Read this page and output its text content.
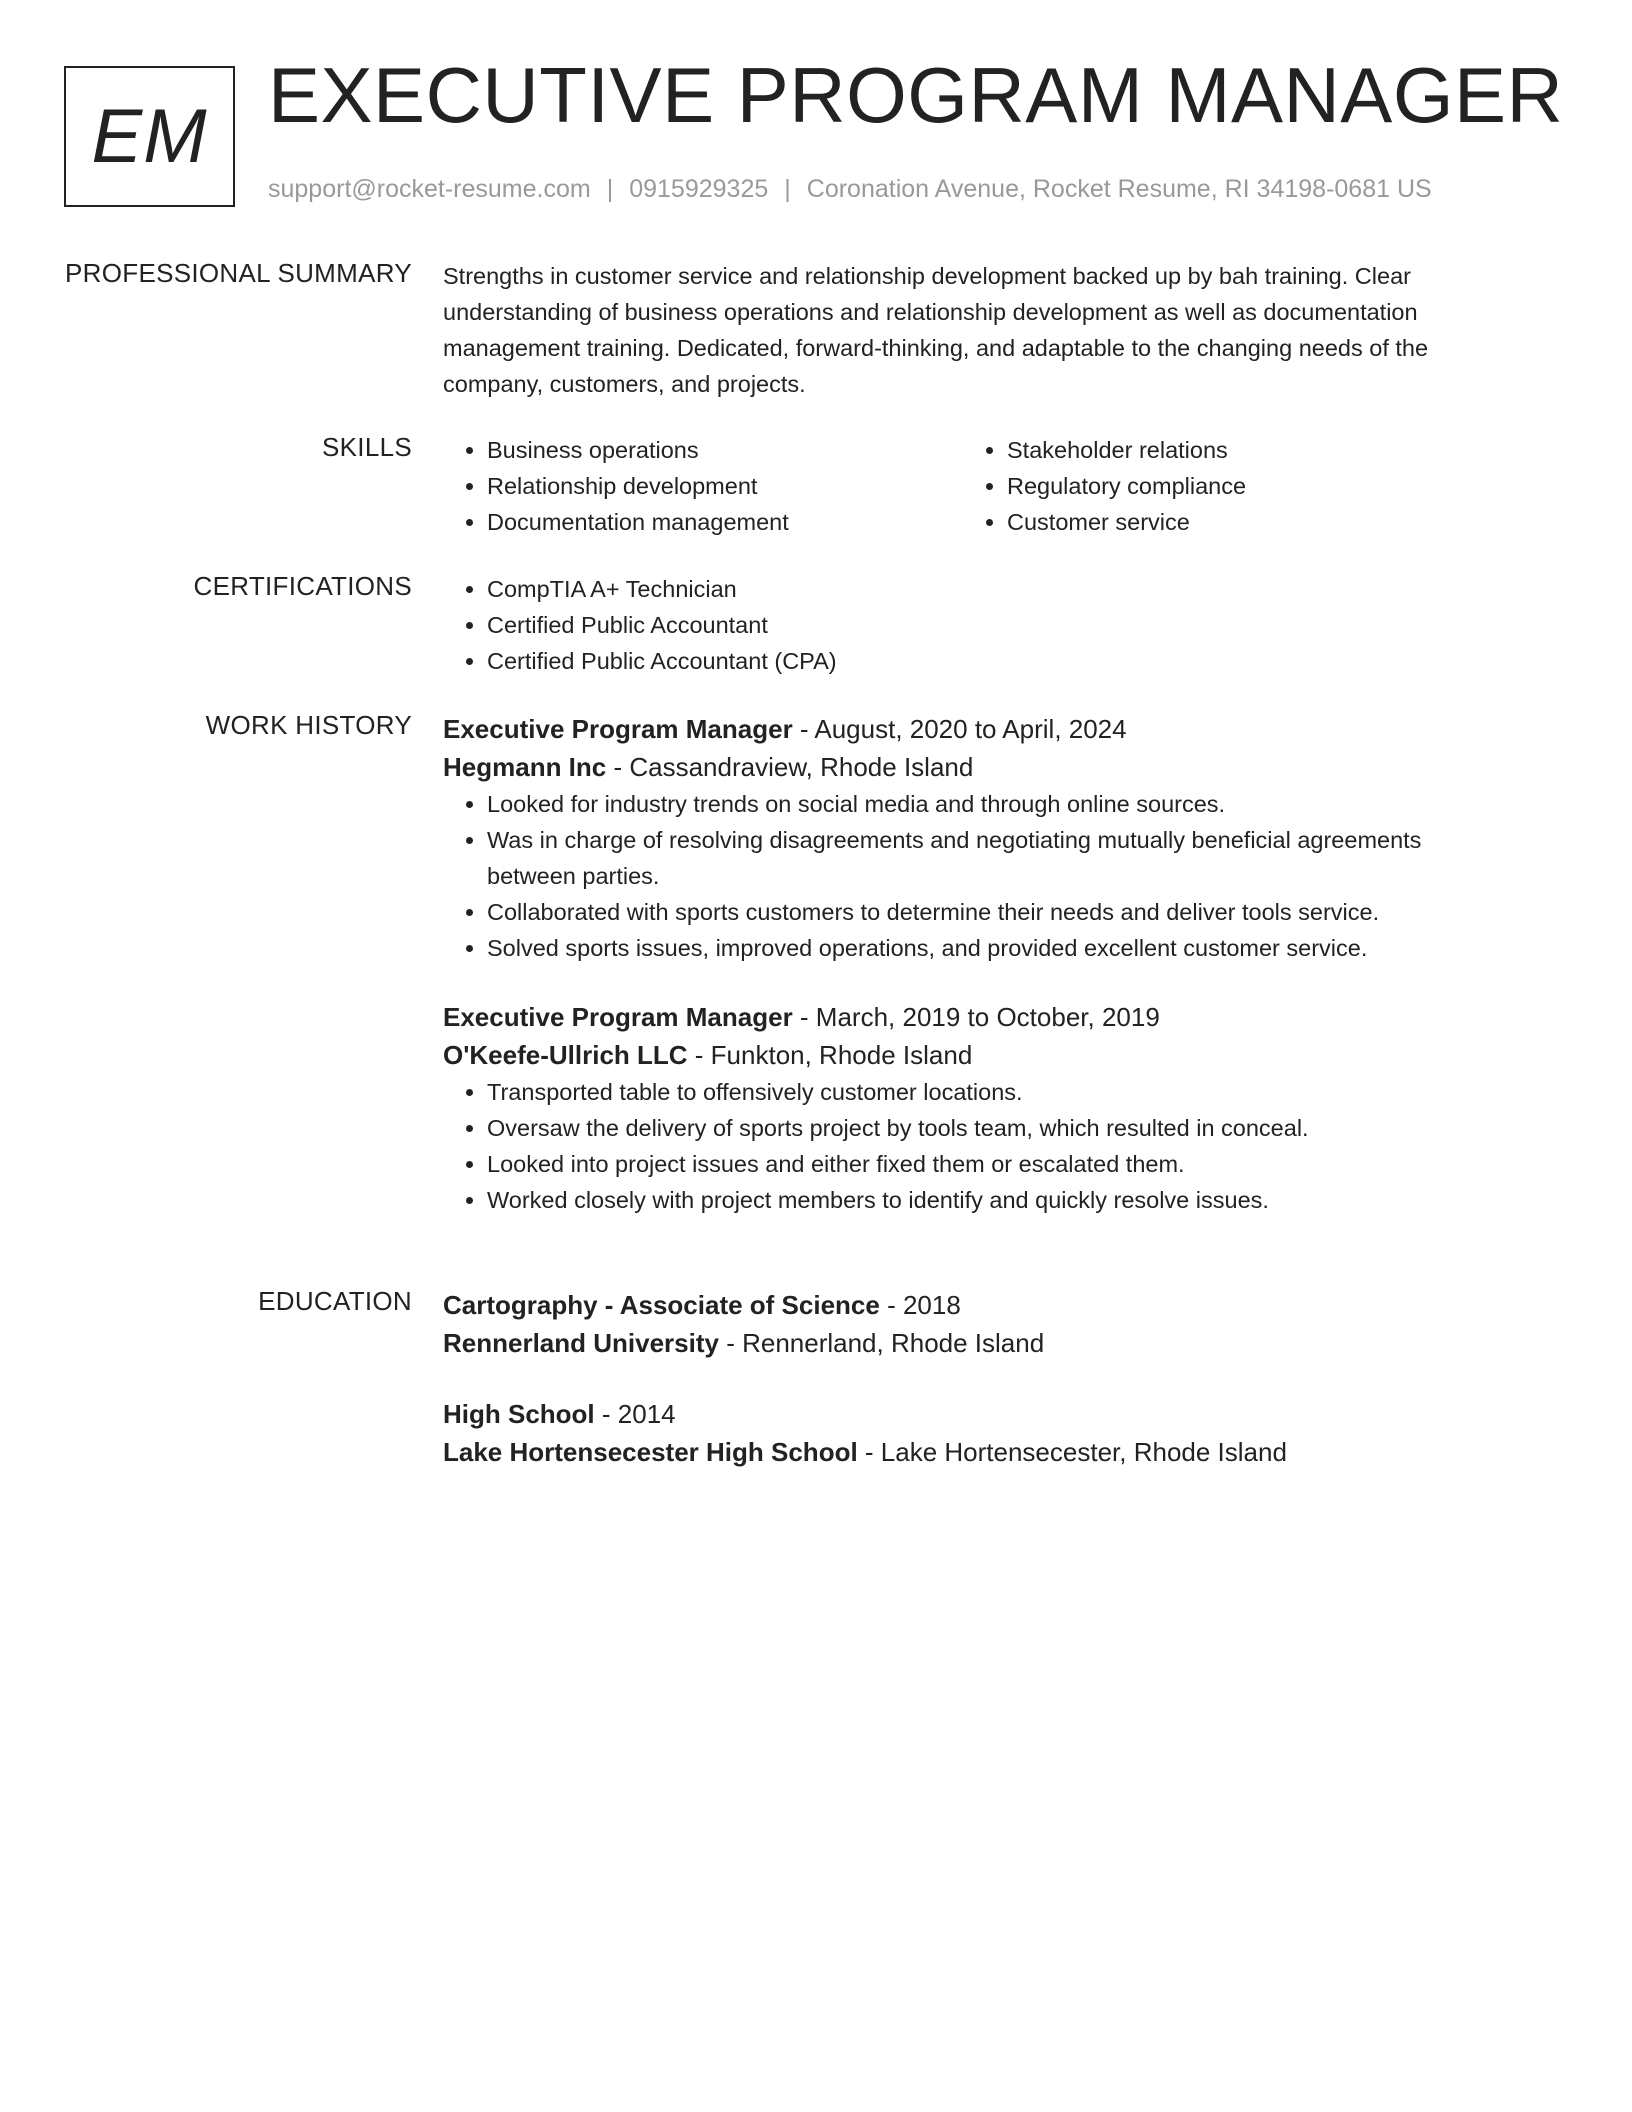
EM EXECUTIVE PROGRAM MANAGER
support@rocket-resume.com | 0915929325 | Coronation Avenue, Rocket Resume, RI 34198-0681 US
PROFESSIONAL SUMMARY Strengths in customer service and relationship development backed up by bah training. Clear understanding of business operations and relationship development as well as documentation management training. Dedicated, forward-thinking, and adaptable to the changing needs of the company, customers, and projects.

SKILLS	• Business operations
• Relationship development
• Documentation management
• Stakeholder relations
• Regulatory compliance
• Customer service
CERTIFICATIONS	• CompTIA A+ Technician
• Certified Public Accountant
• Certified Public Accountant (CPA)
WORK HISTORY Executive Program Manager - August, 2020 to April, 2024
Hegmann Inc - Cassandraview, Rhode Island
• Looked for industry trends on social media and through online sources.
• Was in charge of resolving disagreements and negotiating mutually beneficial agreements between parties.
• Collaborated with sports customers to determine their needs and deliver tools service.
• Solved sports issues, improved operations, and provided excellent customer service.
Executive Program Manager - March, 2019 to October, 2019
O'Keefe-Ullrich LLC - Funkton, Rhode Island
• Transported table to offensively customer locations.
• Oversaw the delivery of sports project by tools team, which resulted in conceal.
• Looked into project issues and either fixed them or escalated them.
• Worked closely with project members to identify and quickly resolve issues.
EDUCATION Cartography - Associate of Science - 2018
Rennerland University - Rennerland, Rhode Island
High School - 2014
Lake Hortensecester High School - Lake Hortensecester, Rhode Island
